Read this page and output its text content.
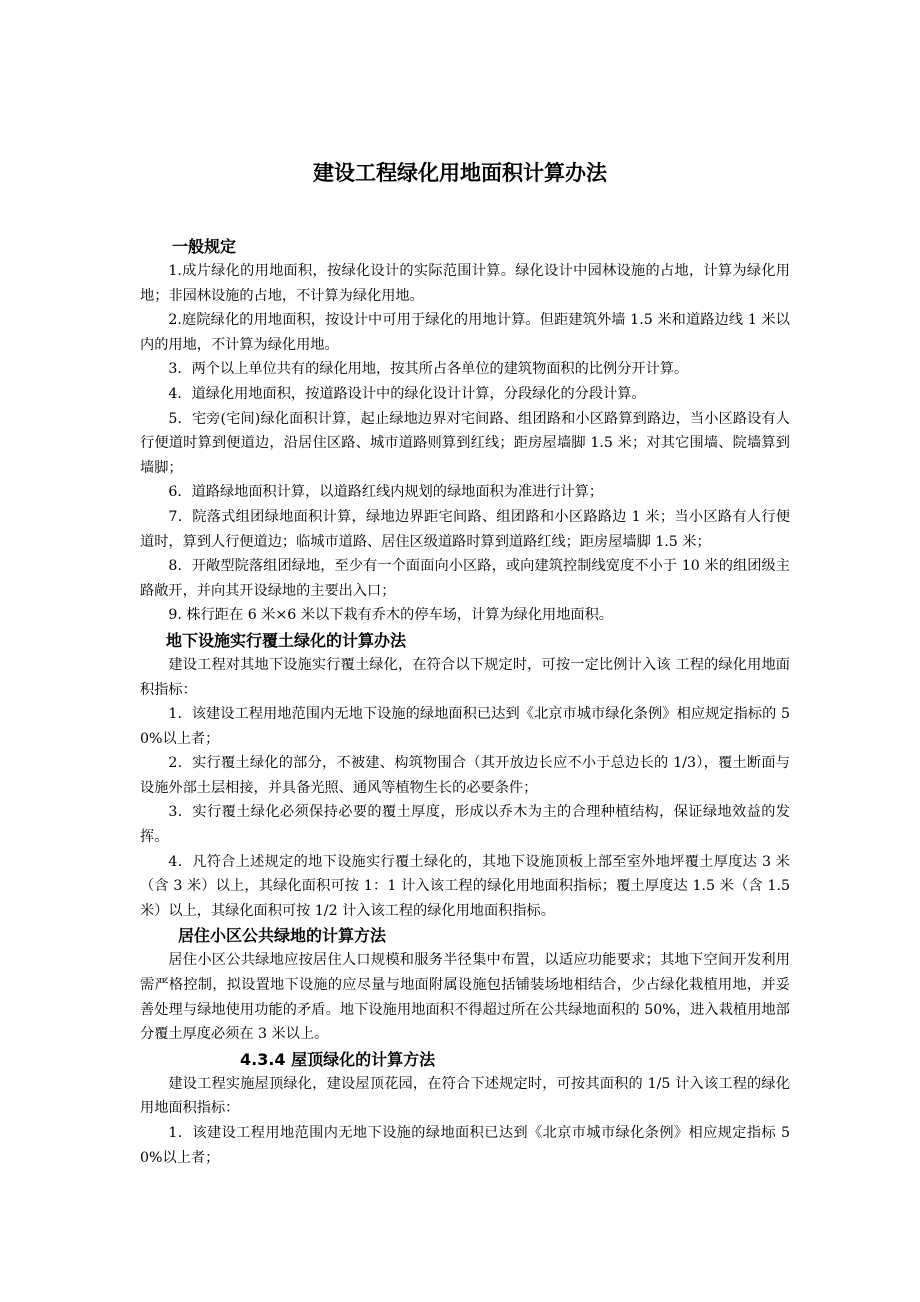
建设工程绿化用地面积计算办法
一般规定

1.成片绿化的用地面积，按绿化设计的实际范围计算。绿化设计中园林设施的占地，计算为绿化用地；非园林设施的占地，不计算为绿化用地。

2.庭院绿化的用地面积，按设计中可用于绿化的用地计算。但距建筑外墙 1.5 米和道路边线 1 米以内的用地，不计算为绿化用地。

3．两个以上单位共有的绿化用地，按其所占各单位的建筑物面积的比例分开计算。

4．道绿化用地面积，按道路设计中的绿化设计计算，分段绿化的分段计算。

5．宅旁(宅间)绿化面积计算，起止绿地边界对宅间路、组团路和小区路算到路边，当小区路设有人行便道时算到便道边，沿居住区路、城市道路则算到红线；距房屋墙脚 1.5 米；对其它围墙、院墙算到墙脚；

6．道路绿地面积计算，以道路红线内规划的绿地面积为准进行计算；

7．院落式组团绿地面积计算，绿地边界距宅间路、组团路和小区路路边 1 米；当小区路有人行便道时，算到人行便道边；临城市道路、居住区级道路时算到道路红线；距房屋墙脚 1.5 米；

8．开敞型院落组团绿地，至少有一个面面向小区路，或向建筑控制线宽度不小于 10 米的组团级主路敞开，并向其开设绿地的主要出入口；

9. 株行距在 6 米×6 米以下栽有乔木的停车场，计算为绿化用地面积。

地下设施实行覆土绿化的计算办法

建设工程对其地下设施实行覆土绿化，在符合以下规定时，可按一定比例计入该 工程的绿化用地面积指标：

1．该建设工程用地范围内无地下设施的绿地面积已达到《北京市城市绿化条例》相应规定指标的 50%以上者；

2．实行覆土绿化的部分，不被建、构筑物围合（其开放边长应不小于总边长的 1/3），覆土断面与设施外部土层相接，并具备光照、通风等植物生长的必要条件；

3．实行覆土绿化必须保持必要的覆土厚度，形成以乔木为主的合理种植结构，保证绿地效益的发挥。

4．凡符合上述规定的地下设施实行覆土绿化的，其地下设施顶板上部至室外地坪覆土厚度达 3 米（含 3 米）以上，其绿化面积可按 1：1 计入该工程的绿化用地面积指标；覆土厚度达 1.5 米（含 1.5 米）以上，其绿化面积可按 1/2 计入该工程的绿化用地面积指标。

居住小区公共绿地的计算方法

居住小区公共绿地应按居住人口规模和服务半径集中布置，以适应功能要求；其地下空间开发利用需严格控制，拟设置地下设施的应尽量与地面附属设施包括铺装场地相结合，少占绿化栽植用地，并妥善处理与绿地使用功能的矛盾。地下设施用地面积不得超过所在公共绿地面积的 50%，进入栽植用地部分覆土厚度必须在 3 米以上。

4.3.4 屋顶绿化的计算方法

建设工程实施屋顶绿化，建设屋顶花园，在符合下述规定时，可按其面积的 1/5 计入该工程的绿化用地面积指标：

1．该建设工程用地范围内无地下设施的绿地面积已达到《北京市城市绿化条例》相应规定指标 50%以上者；
